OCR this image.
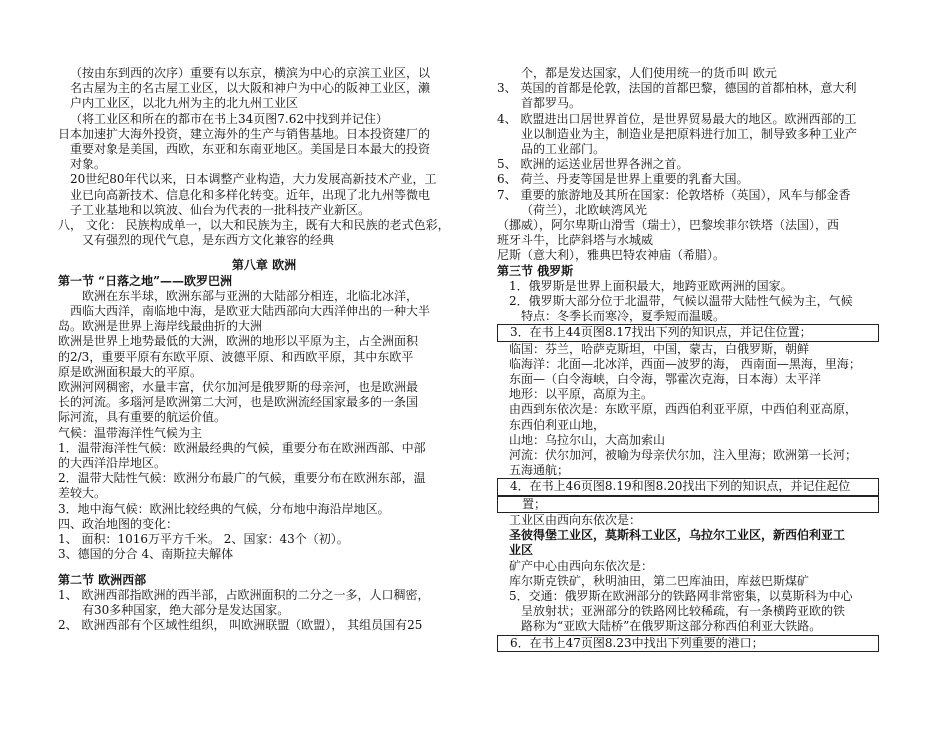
（按由东到西的次序）重要有以东京，横滨为中心的京滨工业区，以
名古屋为主的名古屋工业区，以大阪和神户为中心的阪神工业区，濑
户内工业区，以北九州为主的北九州工业区
（将工业区和所在的都市在书上34页图7.62中找到并记住）
日本加速扩大海外投资，建立海外的生产与销售基地。日本投资建厂的
重要对象是美国，西欧，东亚和东南亚地区。美国是日本最大的投资
对象。
20世纪80年代以来，日本调整产业构造，大力发展高新技术产业，工
业已向高新技术、信息化和多样化转变。近年，出现了北九州等微电
子工业基地和以筑波、仙台为代表的一批科技产业新区。
八， 文化： 民族构成单一，以大和民族为主，既有大和民族的老式色彩，
又有强烈的现代气息，是东西方文化兼容的经典
第八章 欧洲
第一节 “日落之地”——欧罗巴洲
欧洲在东半球，欧洲东部与亚洲的大陆部分相连，北临北冰洋，
西临大西洋，南临地中海，是欧亚大陆西部向大西洋伸出的一种大半
岛。欧洲是世界上海岸线最曲折的大洲
欧洲是世界上地势最低的大洲，欧洲的地形以平原为主，占全洲面积
的2/3，重要平原有东欧平原、波德平原、和西欧平原，其中东欧平
原是欧洲面积最大的平原。
欧洲河网稠密，水量丰富，伏尔加河是俄罗斯的母亲河，也是欧洲最
长的河流。多瑙河是欧洲第二大河，也是欧洲流经国家最多的一条国
际河流，具有重要的航运价值。
气候：温带海洋性气候为主
1．温带海洋性气候：欧洲最经典的气候，重要分布在欧洲西部、中部
的大西洋沿岸地区。
2．温带大陆性气候：欧洲分布最广的气候，重要分布在欧洲东部，温
差较大。
3．地中海气候：欧洲比较经典的气候，分布地中海沿岸地区。
四、政治地图的变化：
1、 面积：1016万平方千米。 2、国家：43个（初）。
3、德国的分合 4、南斯拉夫解体
第二节 欧洲西部
1、 欧洲西部指欧洲的西半部，占欧洲面积的二分之一多，人口稠密，
有30多种国家，绝大部分是发达国家。
2、 欧洲西部有个区域性组织， 叫欧洲联盟（欧盟）， 其组员国有25
个，都是发达国家，人们使用统一的货币叫 欧元
3、 英国的首都是伦敦，法国的首都巴黎，德国的首都柏林，意大利
首都罗马。
4、 欧盟进出口居世界首位，是世界贸易最大的地区。欧洲西部的工
业以制造业为主，制造业是把原料进行加工，制导致多种工业产
品的工业部门。
5、 欧洲的运送业居世界各洲之首。
6、 荷兰、丹麦等国是世界上重要的乳畜大国。
7、 重要的旅游地及其所在国家：伦敦塔桥（英国），风车与郁金香
（荷兰），北欧峡湾风光
（挪威），阿尔卑斯山滑雪（瑞士），巴黎埃菲尔铁塔（法国），西
班牙斗牛，比萨斜塔与水城威
尼斯（意大利），雅典巴特农神庙（希腊）。
第三节 俄罗斯
1．俄罗斯是世界上面积最大，地跨亚欧两洲的国家。
2．俄罗斯大部分位于北温带，气候以温带大陆性气候为主，气候
特点：冬季长而寒冷，夏季短而温暖。
3．在书上44页图8.17找出下列的知识点，并记住位置；
临国：芬兰，哈萨克斯坦，中国，蒙古，白俄罗斯，朝鲜
临海洋：北面—北冰洋，西面—波罗的海， 西南面—黑海，里海；
东面—（白令海峡，白令海，鄂霍次克海，日本海）太平洋
地形：以平原，高原为主。
由西到东依次是：东欧平原，西西伯利亚平原，中西伯利亚高原，
东西伯利亚山地，
山地：乌拉尔山，大高加索山
河流：伏尔加河，被喻为母亲伏尔加，注入里海；欧洲第一长河；
五海通航；
4．在书上46页图8.19和图8.20找出下列的知识点，并记住起位
置；
工业区由西向东依次是：
圣彼得堡工业区，莫斯科工业区，乌拉尔工业区，新西伯利亚工
业区
矿产中心由西向东依次是：
库尔斯克铁矿，秋明油田，第二巴库油田，库兹巴斯煤矿
5．交通：俄罗斯在欧洲部分的铁路网非常密集，以莫斯科为中心
呈放射状；亚洲部分的铁路网比较稀疏，有一条横跨亚欧的铁
路称为“亚欧大陆桥”在俄罗斯这部分称西伯利亚大铁路。
6．在书上47页图8.23中找出下列重要的港口；
